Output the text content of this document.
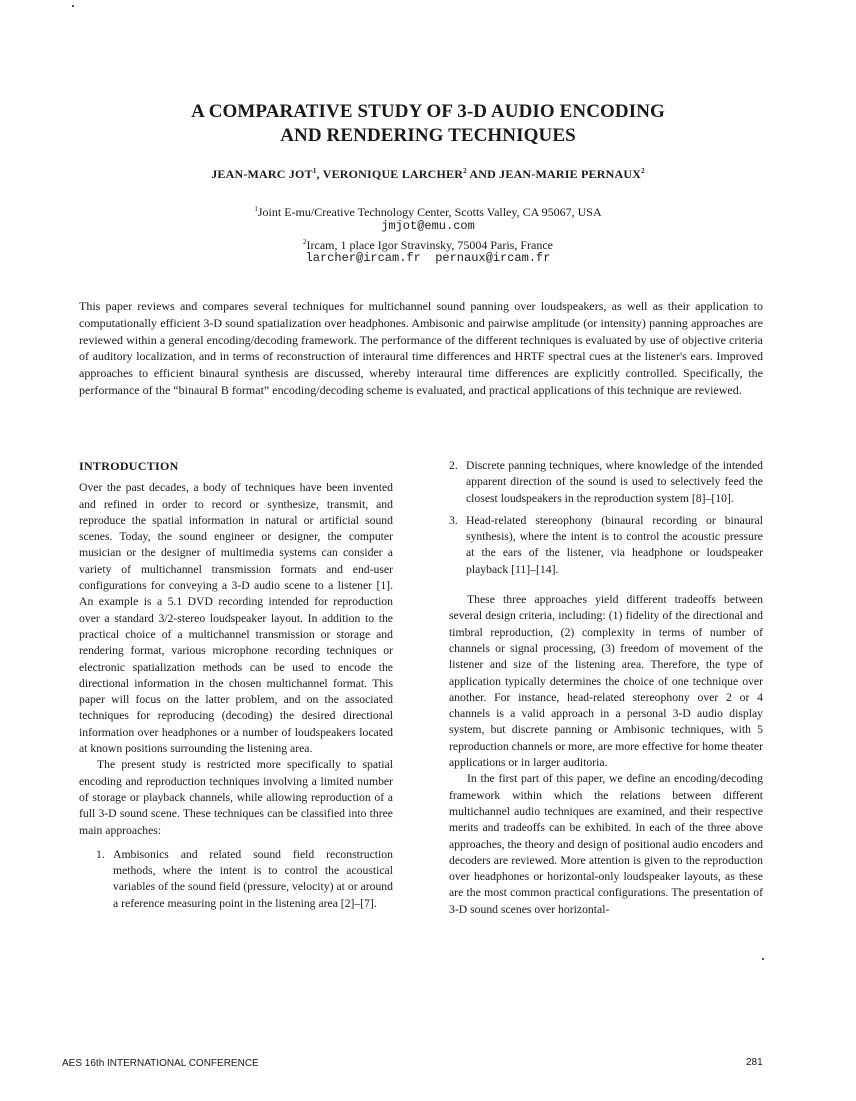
A COMPARATIVE STUDY OF 3-D AUDIO ENCODING
AND RENDERING TECHNIQUES
JEAN-MARC JOT$^1$, VERONIQUE LARCHER$^2$ AND JEAN-MARIE PERNAUX$^2$
$^1$Joint E-mu/Creative Technology Center, Scotts Valley, CA 95067, USA
jmjot@emu.com
$^2$Ircam, 1 place Igor Stravinsky, 75004 Paris, France
larcher@ircam.fr  pernaux@ircam.fr
This paper reviews and compares several techniques for multichannel sound panning over loudspeakers, as well as their application to computationally efficient 3-D sound spatialization over headphones. Ambisonic and pairwise amplitude (or intensity) panning approaches are reviewed within a general encoding/decoding framework. The performance of the different techniques is evaluated by use of objective criteria of auditory localization, and in terms of reconstruction of interaural time differences and HRTF spectral cues at the listener's ears. Improved approaches to efficient binaural synthesis are discussed, whereby interaural time differences are explicitly controlled. Specifically, the performance of the “binaural B format” encoding/decoding scheme is evaluated, and practical applications of this technique are reviewed.
INTRODUCTION

Over the past decades, a body of techniques have been invented and refined in order to record or synthesize, transmit, and reproduce the spatial information in natural or artificial sound scenes. Today, the sound engineer or designer, the computer musician or the designer of multimedia systems can consider a variety of multichannel transmission formats and end-user configurations for conveying a 3-D audio scene to a listener [1]. An example is a 5.1 DVD recording intended for reproduction over a standard 3/2-stereo loudspeaker layout. In addition to the practical choice of a multichannel transmission or storage and rendering format, various microphone recording techniques or electronic spatialization methods can be used to encode the directional information in the chosen multichannel format. This paper will focus on the latter problem, and on the associated techniques for reproducing (decoding) the desired directional information over headphones or a number of loudspeakers located at known positions surrounding the listening area.

The present study is restricted more specifically to spatial encoding and reproduction techniques involving a limited number of storage or playback channels, while allowing reproduction of a full 3-D sound scene. These techniques can be classified into three main approaches:

1. Ambisonics and related sound field reconstruction methods, where the intent is to control the acoustical variables of the sound field (pressure, velocity) at or around a reference measuring point in the listening area [2]–[7].

2. Discrete panning techniques, where knowledge of the intended apparent direction of the sound is used to selectively feed the closest loudspeakers in the reproduction system [8]–[10].

3. Head-related stereophony (binaural recording or binaural synthesis), where the intent is to control the acoustic pressure at the ears of the listener, via headphone or loudspeaker playback [11]–[14].

These three approaches yield different tradeoffs between several design criteria, including: (1) fidelity of the directional and timbral reproduction, (2) complexity in terms of number of channels or signal processing, (3) freedom of movement of the listener and size of the listening area. Therefore, the type of application typically determines the choice of one technique over another. For instance, head-related stereophony over 2 or 4 channels is a valid approach in a personal 3-D audio display system, but discrete panning or Ambisonic techniques, with 5 reproduction channels or more, are more effective for home theater applications or in larger auditoria.

In the first part of this paper, we define an encoding/decoding framework within which the relations between different multichannel audio techniques are examined, and their respective merits and tradeoffs can be exhibited. In each of the three above approaches, the theory and design of positional audio encoders and decoders are reviewed. More attention is given to the reproduction over headphones or horizontal-only loudspeaker layouts, as these are the most common practical configurations. The presentation of 3-D sound scenes over horizontal-

AES 16th INTERNATIONAL CONFERENCE	281
